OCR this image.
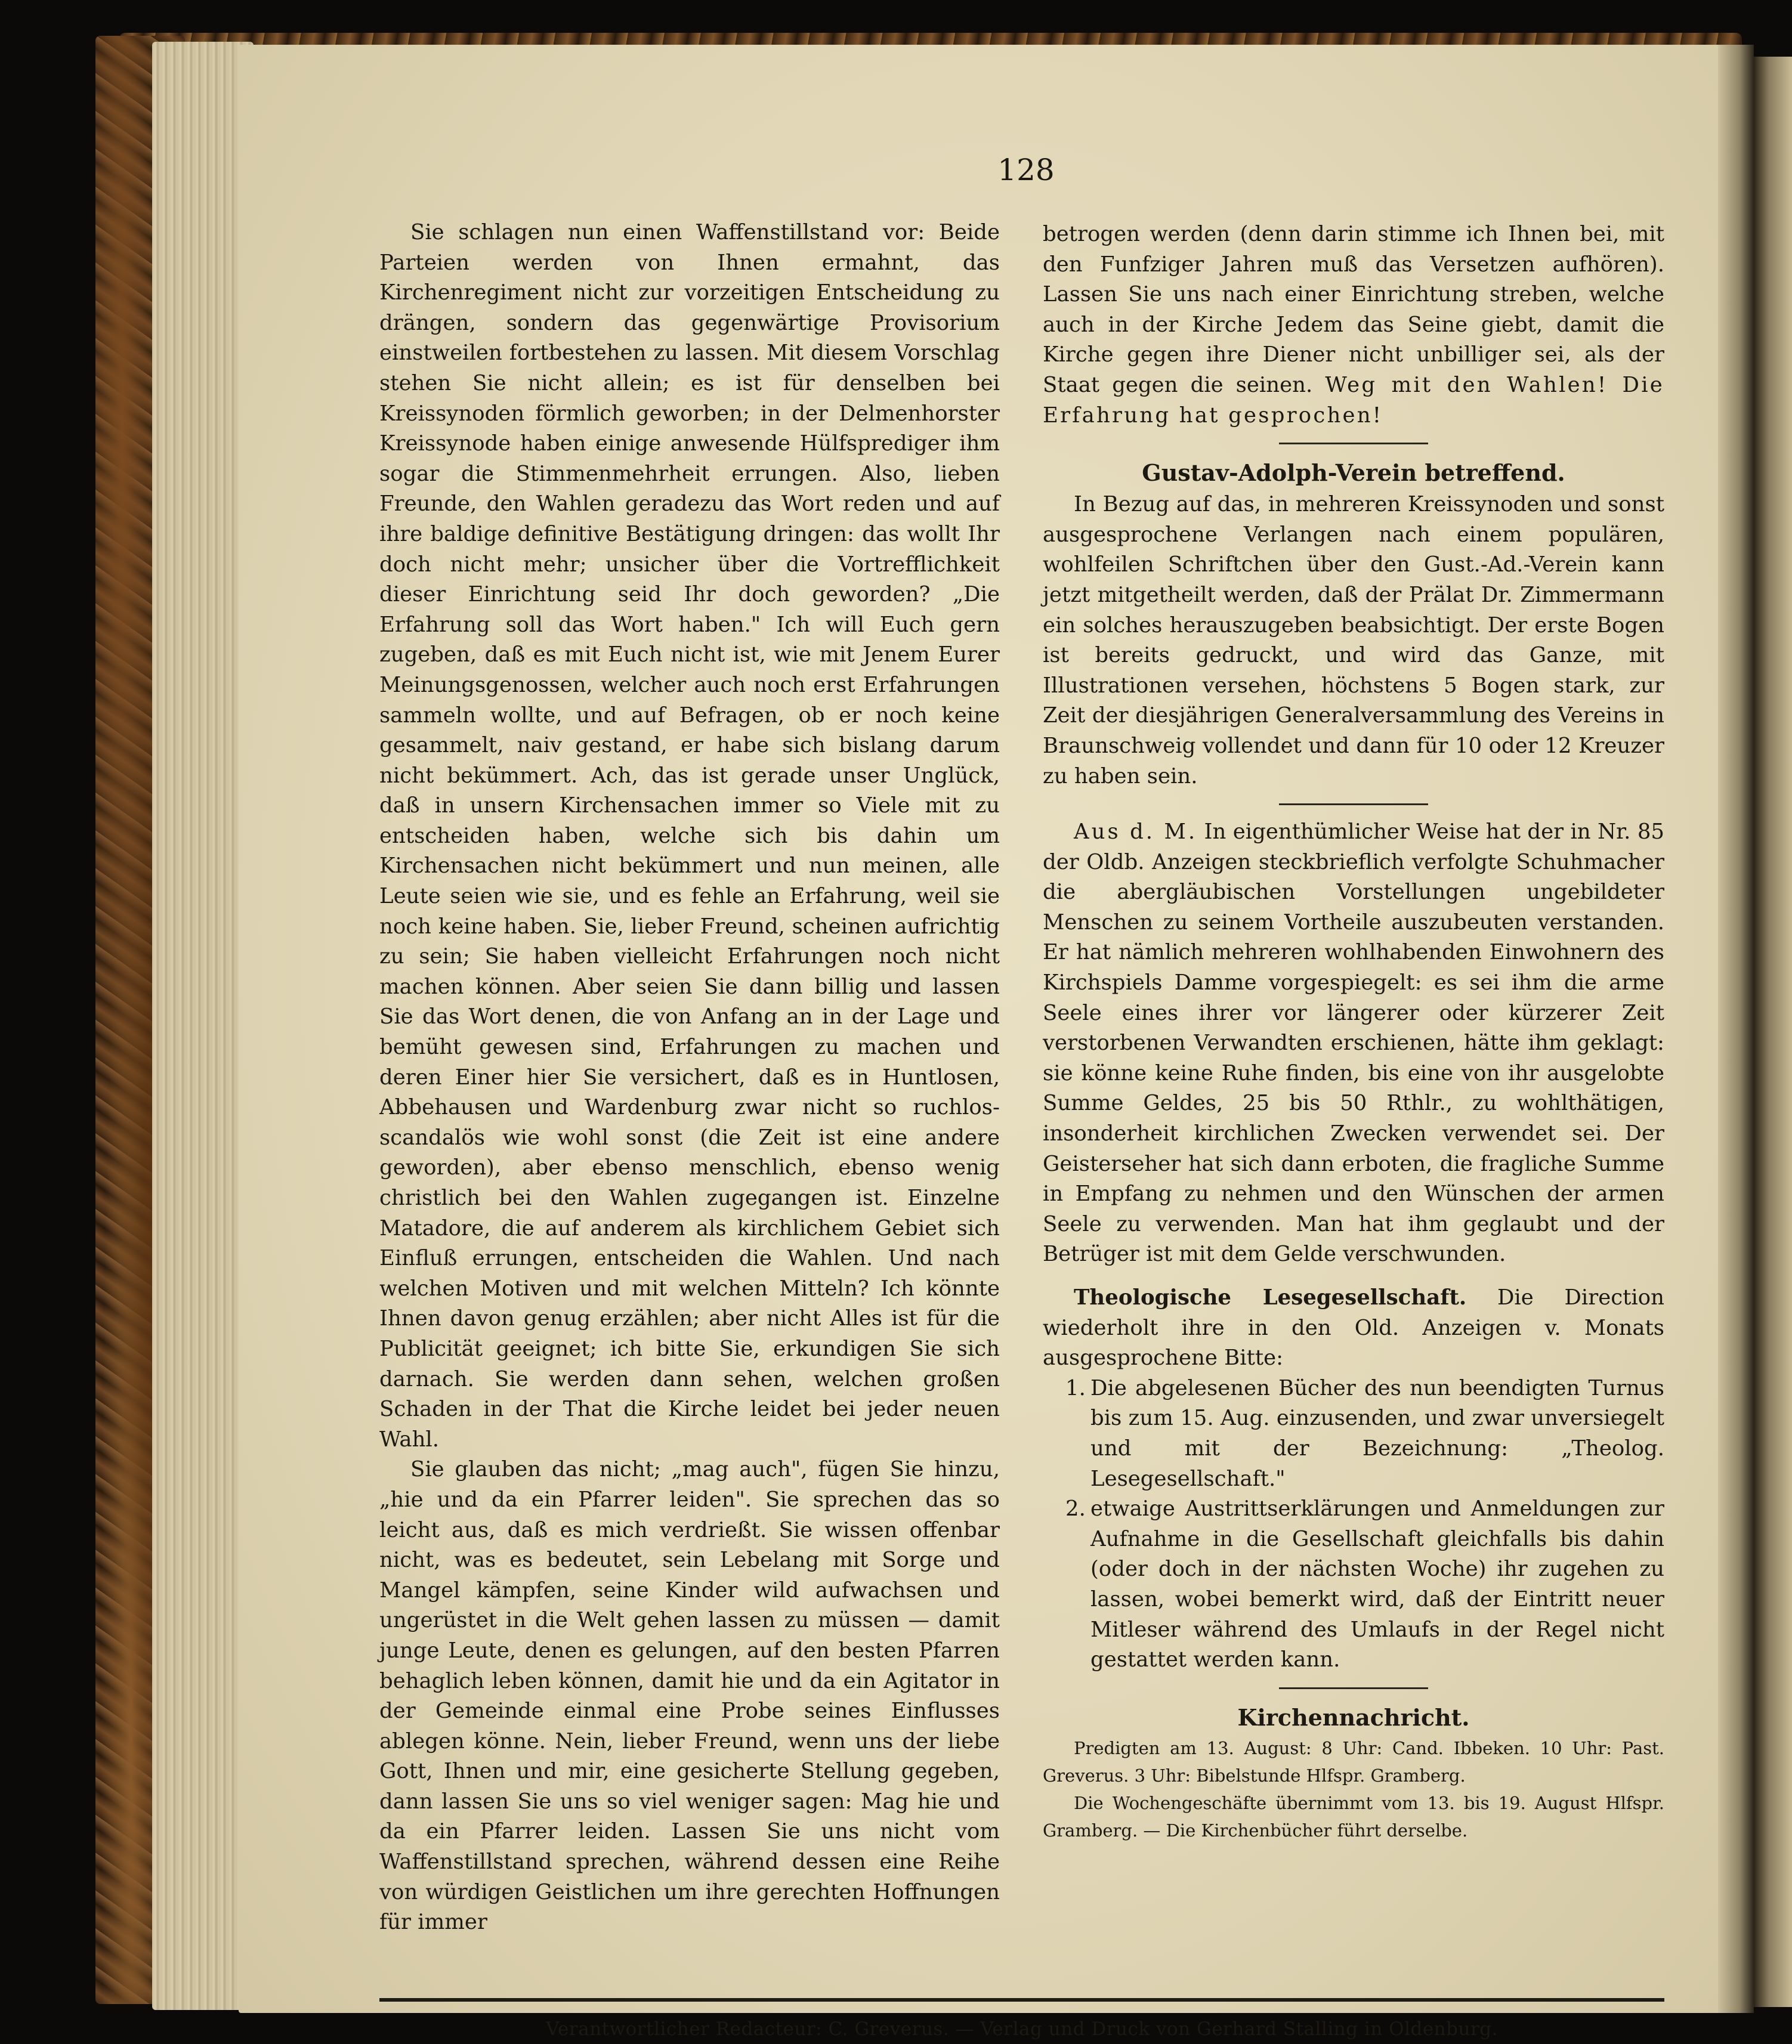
128

Sie schlagen nun einen Waffenstillstand vor: Beide Parteien werden von Ihnen ermahnt, das Kirchenregiment nicht zur vorzeitigen Entscheidung zu drängen, sondern das gegenwärtige Provisorium einstweilen fortbestehen zu lassen. Mit diesem Vorschlag stehen Sie nicht allein; es ist für denselben bei Kreissynoden förmlich geworben; in der Delmenhorster Kreissynode haben einige anwesende Hülfsprediger ihm sogar die Stimmenmehrheit errungen. Also, lieben Freunde, den Wahlen geradezu das Wort reden und auf ihre baldige definitive Bestätigung dringen: das wollt Ihr doch nicht mehr; unsicher über die Vortrefflichkeit dieser Einrichtung seid Ihr doch geworden? „Die Erfahrung soll das Wort haben." Ich will Euch gern zugeben, daß es mit Euch nicht ist, wie mit Jenem Eurer Meinungsgenossen, welcher auch noch erst Erfahrungen sammeln wollte, und auf Befragen, ob er noch keine gesammelt, naiv gestand, er habe sich bislang darum nicht bekümmert. Ach, das ist gerade unser Unglück, daß in unsern Kirchensachen immer so Viele mit zu entscheiden haben, welche sich bis dahin um Kirchensachen nicht bekümmert und nun meinen, alle Leute seien wie sie, und es fehle an Erfahrung, weil sie noch keine haben. Sie, lieber Freund, scheinen aufrichtig zu sein; Sie haben vielleicht Erfahrungen noch nicht machen können. Aber seien Sie dann billig und lassen Sie das Wort denen, die von Anfang an in der Lage und bemüht gewesen sind, Erfahrungen zu machen und deren Einer hier Sie versichert, daß es in Huntlosen, Abbehausen und Wardenburg zwar nicht so ruchlos-scandalös wie wohl sonst (die Zeit ist eine andere geworden), aber ebenso menschlich, ebenso wenig christlich bei den Wahlen zugegangen ist. Einzelne Matadore, die auf anderem als kirchlichem Gebiet sich Einfluß errungen, entscheiden die Wahlen. Und nach welchen Motiven und mit welchen Mitteln? Ich könnte Ihnen davon genug erzählen; aber nicht Alles ist für die Publicität geeignet; ich bitte Sie, erkundigen Sie sich darnach. Sie werden dann sehen, welchen großen Schaden in der That die Kirche leidet bei jeder neuen Wahl.

Sie glauben das nicht; „mag auch", fügen Sie hinzu, „hie und da ein Pfarrer leiden". Sie sprechen das so leicht aus, daß es mich verdrießt. Sie wissen offenbar nicht, was es bedeutet, sein Lebelang mit Sorge und Mangel kämpfen, seine Kinder wild aufwachsen und ungerüstet in die Welt gehen lassen zu müssen — damit junge Leute, denen es gelungen, auf den besten Pfarren behaglich leben können, damit hie und da ein Agitator in der Gemeinde einmal eine Probe seines Einflusses ablegen könne. Nein, lieber Freund, wenn uns der liebe Gott, Ihnen und mir, eine gesicherte Stellung gegeben, dann lassen Sie uns so viel weniger sagen: Mag hie und da ein Pfarrer leiden. Lassen Sie uns nicht vom Waffenstillstand sprechen, während dessen eine Reihe von würdigen Geistlichen um ihre gerechten Hoffnungen für immer

betrogen werden (denn darin stimme ich Ihnen bei, mit den Funfziger Jahren muß das Versetzen aufhören). Lassen Sie uns nach einer Einrichtung streben, welche auch in der Kirche Jedem das Seine giebt, damit die Kirche gegen ihre Diener nicht unbilliger sei, als der Staat gegen die seinen. Weg mit den Wahlen! Die Erfahrung hat gesprochen!

Gustav-Adolph-Verein betreffend.

In Bezug auf das, in mehreren Kreissynoden und sonst ausgesprochene Verlangen nach einem populären, wohlfeilen Schriftchen über den Gust.-Ad.-Verein kann jetzt mitgetheilt werden, daß der Prälat Dr. Zimmermann ein solches herauszugeben beabsichtigt. Der erste Bogen ist bereits gedruckt, und wird das Ganze, mit Illustrationen versehen, höchstens 5 Bogen stark, zur Zeit der diesjährigen Generalversammlung des Vereins in Braunschweig vollendet und dann für 10 oder 12 Kreuzer zu haben sein.

Aus d. M. In eigenthümlicher Weise hat der in Nr. 85 der Oldb. Anzeigen steckbrieflich verfolgte Schuhmacher die abergläubischen Vorstellungen ungebildeter Menschen zu seinem Vortheile auszubeuten verstanden. Er hat nämlich mehreren wohlhabenden Einwohnern des Kirchspiels Damme vorgespiegelt: es sei ihm die arme Seele eines ihrer vor längerer oder kürzerer Zeit verstorbenen Verwandten erschienen, hätte ihm geklagt: sie könne keine Ruhe finden, bis eine von ihr ausgelobte Summe Geldes, 25 bis 50 Rthlr., zu wohlthätigen, insonderheit kirchlichen Zwecken verwendet sei. Der Geisterseher hat sich dann erboten, die fragliche Summe in Empfang zu nehmen und den Wünschen der armen Seele zu verwenden. Man hat ihm geglaubt und der Betrüger ist mit dem Gelde verschwunden.

Theologische Lesegesellschaft. Die Direction wiederholt ihre in den Old. Anzeigen v. Monats ausgesprochene Bitte:

1. Die abgelesenen Bücher des nun beendigten Turnus bis zum 15. Aug. einzusenden, und zwar unversiegelt und mit der Bezeichnung: „Theolog. Lesegesellschaft."
2. etwaige Austrittserklärungen und Anmeldungen zur Aufnahme in die Gesellschaft gleichfalls bis dahin (oder doch in der nächsten Woche) ihr zugehen zu lassen, wobei bemerkt wird, daß der Eintritt neuer Mitleser während des Umlaufs in der Regel nicht gestattet werden kann.

Kirchennachricht.

Predigten am 13. August: 8 Uhr: Cand. Ibbeken. 10 Uhr: Past. Greverus. 3 Uhr: Bibelstunde Hlfspr. Gramberg.

Die Wochengeschäfte übernimmt vom 13. bis 19. August Hlfspr. Gramberg. — Die Kirchenbücher führt derselbe.

Verantwortlicher Redacteur: C. Greverus. — Verlag und Druck von Gerhard Stalling in Oldenburg.
